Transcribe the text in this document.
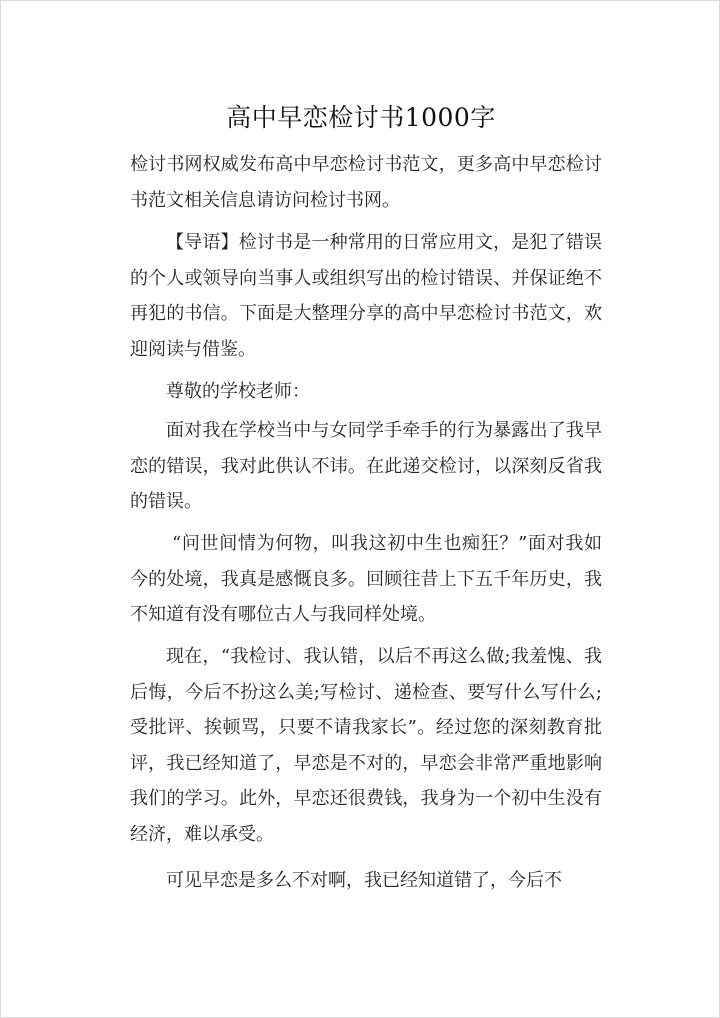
高中早恋检讨书1000字

检讨书网权威发布高中早恋检讨书范文，更多高中早恋检讨书范文相关信息请访问检讨书网。

【导语】检讨书是一种常用的日常应用文，是犯了错误的个人或领导向当事人或组织写出的检讨错误、并保证绝不再犯的书信。下面是大整理分享的高中早恋检讨书范文，欢迎阅读与借鉴。

尊敬的学校老师：

面对我在学校当中与女同学手牵手的行为暴露出了我早恋的错误，我对此供认不讳。在此递交检讨，以深刻反省我的错误。

“问世间情为何物，叫我这初中生也痴狂？”面对我如今的处境，我真是感慨良多。回顾往昔上下五千年历史，我不知道有没有哪位古人与我同样处境。

现在，“我检讨、我认错，以后不再这么做;我羞愧、我后悔，今后不扮这么美;写检讨、递检查、要写什么写什么;受批评、挨顿骂，只要不请我家长”。经过您的深刻教育批评，我已经知道了，早恋是不对的，早恋会非常严重地影响我们的学习。此外，早恋还很费钱，我身为一个初中生没有经济，难以承受。

可见早恋是多么不对啊，我已经知道错了，今后不
